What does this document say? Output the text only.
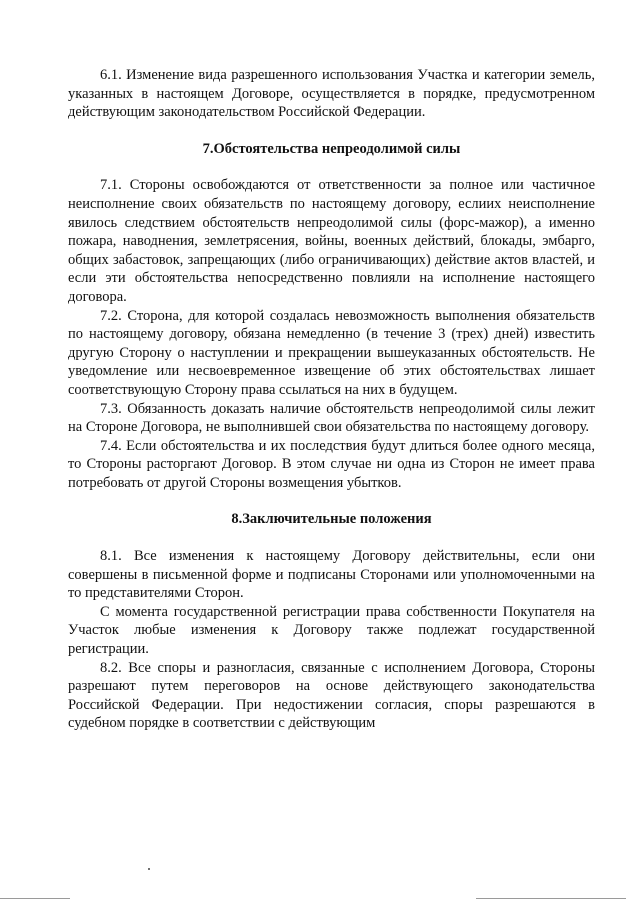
6.1. Изменение вида разрешенного использования Участка и категории земель, указанных в настоящем Договоре, осуществляется в порядке, предусмотренном действующим законодательством Российской Федерации.

7.Обстоятельства непреодолимой силы

7.1. Стороны освобождаются от ответственности за полное или частичное неисполнение своих обязательств по настоящему договору, еслиих неисполнение явилось следствием обстоятельств непреодолимой силы (форс-мажор), а именно пожара, наводнения, землетрясения, войны, военных действий, блокады, эмбарго, общих забастовок, запрещающих (либо ограничивающих) действие актов властей, и если эти обстоятельства непосредственно повлияли на исполнение настоящего договора.

7.2. Сторона, для которой создалась невозможность выполнения обязательств по настоящему договору, обязана немедленно (в течение 3 (трех) дней) известить другую Сторону о наступлении и прекращении вышеуказанных обстоятельств. Не уведомление или несвоевременное извещение об этих обстоятельствах лишает соответствующую Сторону права ссылаться на них в будущем.

7.3. Обязанность доказать наличие обстоятельств непреодолимой силы лежит на Стороне Договора, не выполнившей свои обязательства по настоящему договору.

7.4. Если обстоятельства и их последствия будут длиться более одного месяца, то Стороны расторгают Договор. В этом случае ни одна из Сторон не имеет права потребовать от другой Стороны возмещения убытков.

8.Заключительные положения

8.1. Все изменения к настоящему Договору действительны, если они совершены в письменной форме и подписаны Сторонами или уполномоченными на то представителями Сторон.

С момента государственной регистрации права собственности Покупателя на Участок любые изменения к Договору также подлежат государственной регистрации.

8.2. Все споры и разногласия, связанные с исполнением Договора, Стороны разрешают путем переговоров на основе действующего законодательства Российской Федерации. При недостижении согласия, споры разрешаются в судебном порядке в соответствии с действующим
